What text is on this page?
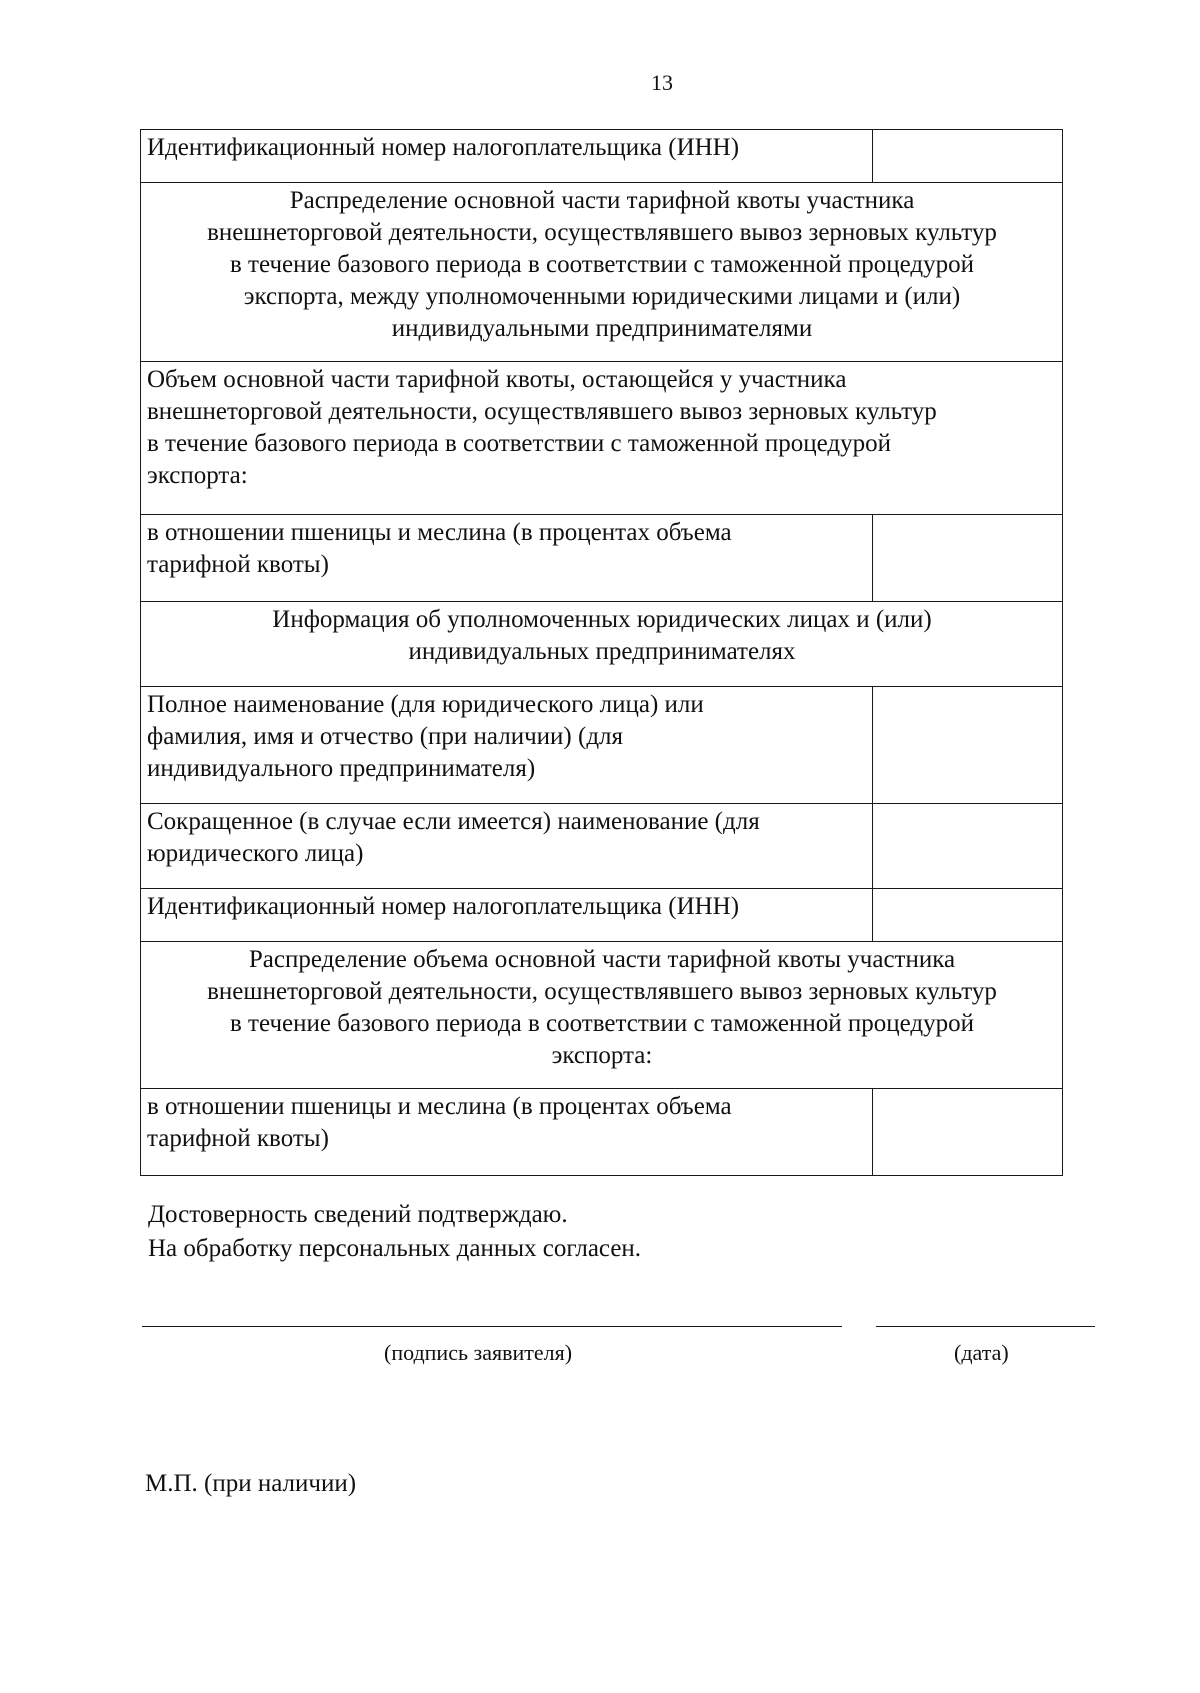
13
Идентификационный номер налогоплательщика (ИНН)	
Распределение основной части тарифной квоты участника
внешнеторговой деятельности, осуществлявшего вывоз зерновых культур
в течение базового периода в соответствии с таможенной процедурой
экспорта, между уполномоченными юридическими лицами и (или)
индивидуальными предпринимателями	
Объем основной части тарифной квоты, остающейся у участника
внешнеторговой деятельности, осуществлявшего вывоз зерновых культур
в течение базового периода в соответствии с таможенной процедурой
экспорта:	
в отношении пшеницы и меслина (в процентах объема
тарифной квоты)	
Информация об уполномоченных юридических лицах и (или)
индивидуальных предпринимателях	
Полное наименование (для юридического лица) или
фамилия, имя и отчество (при наличии) (для
индивидуального предпринимателя)	
Сокращенное (в случае если имеется) наименование (для
юридического лица)	
Идентификационный номер налогоплательщика (ИНН)	
Распределение объема основной части тарифной квоты участника
внешнеторговой деятельности, осуществлявшего вывоз зерновых культур
в течение базового периода в соответствии с таможенной процедурой
экспорта:	
в отношении пшеницы и меслина (в процентах объема
тарифной квоты)	
Достоверность сведений подтверждаю.
На обработку персональных данных согласен.
(подпись заявителя)	(дата)
М.П. (при наличии)
